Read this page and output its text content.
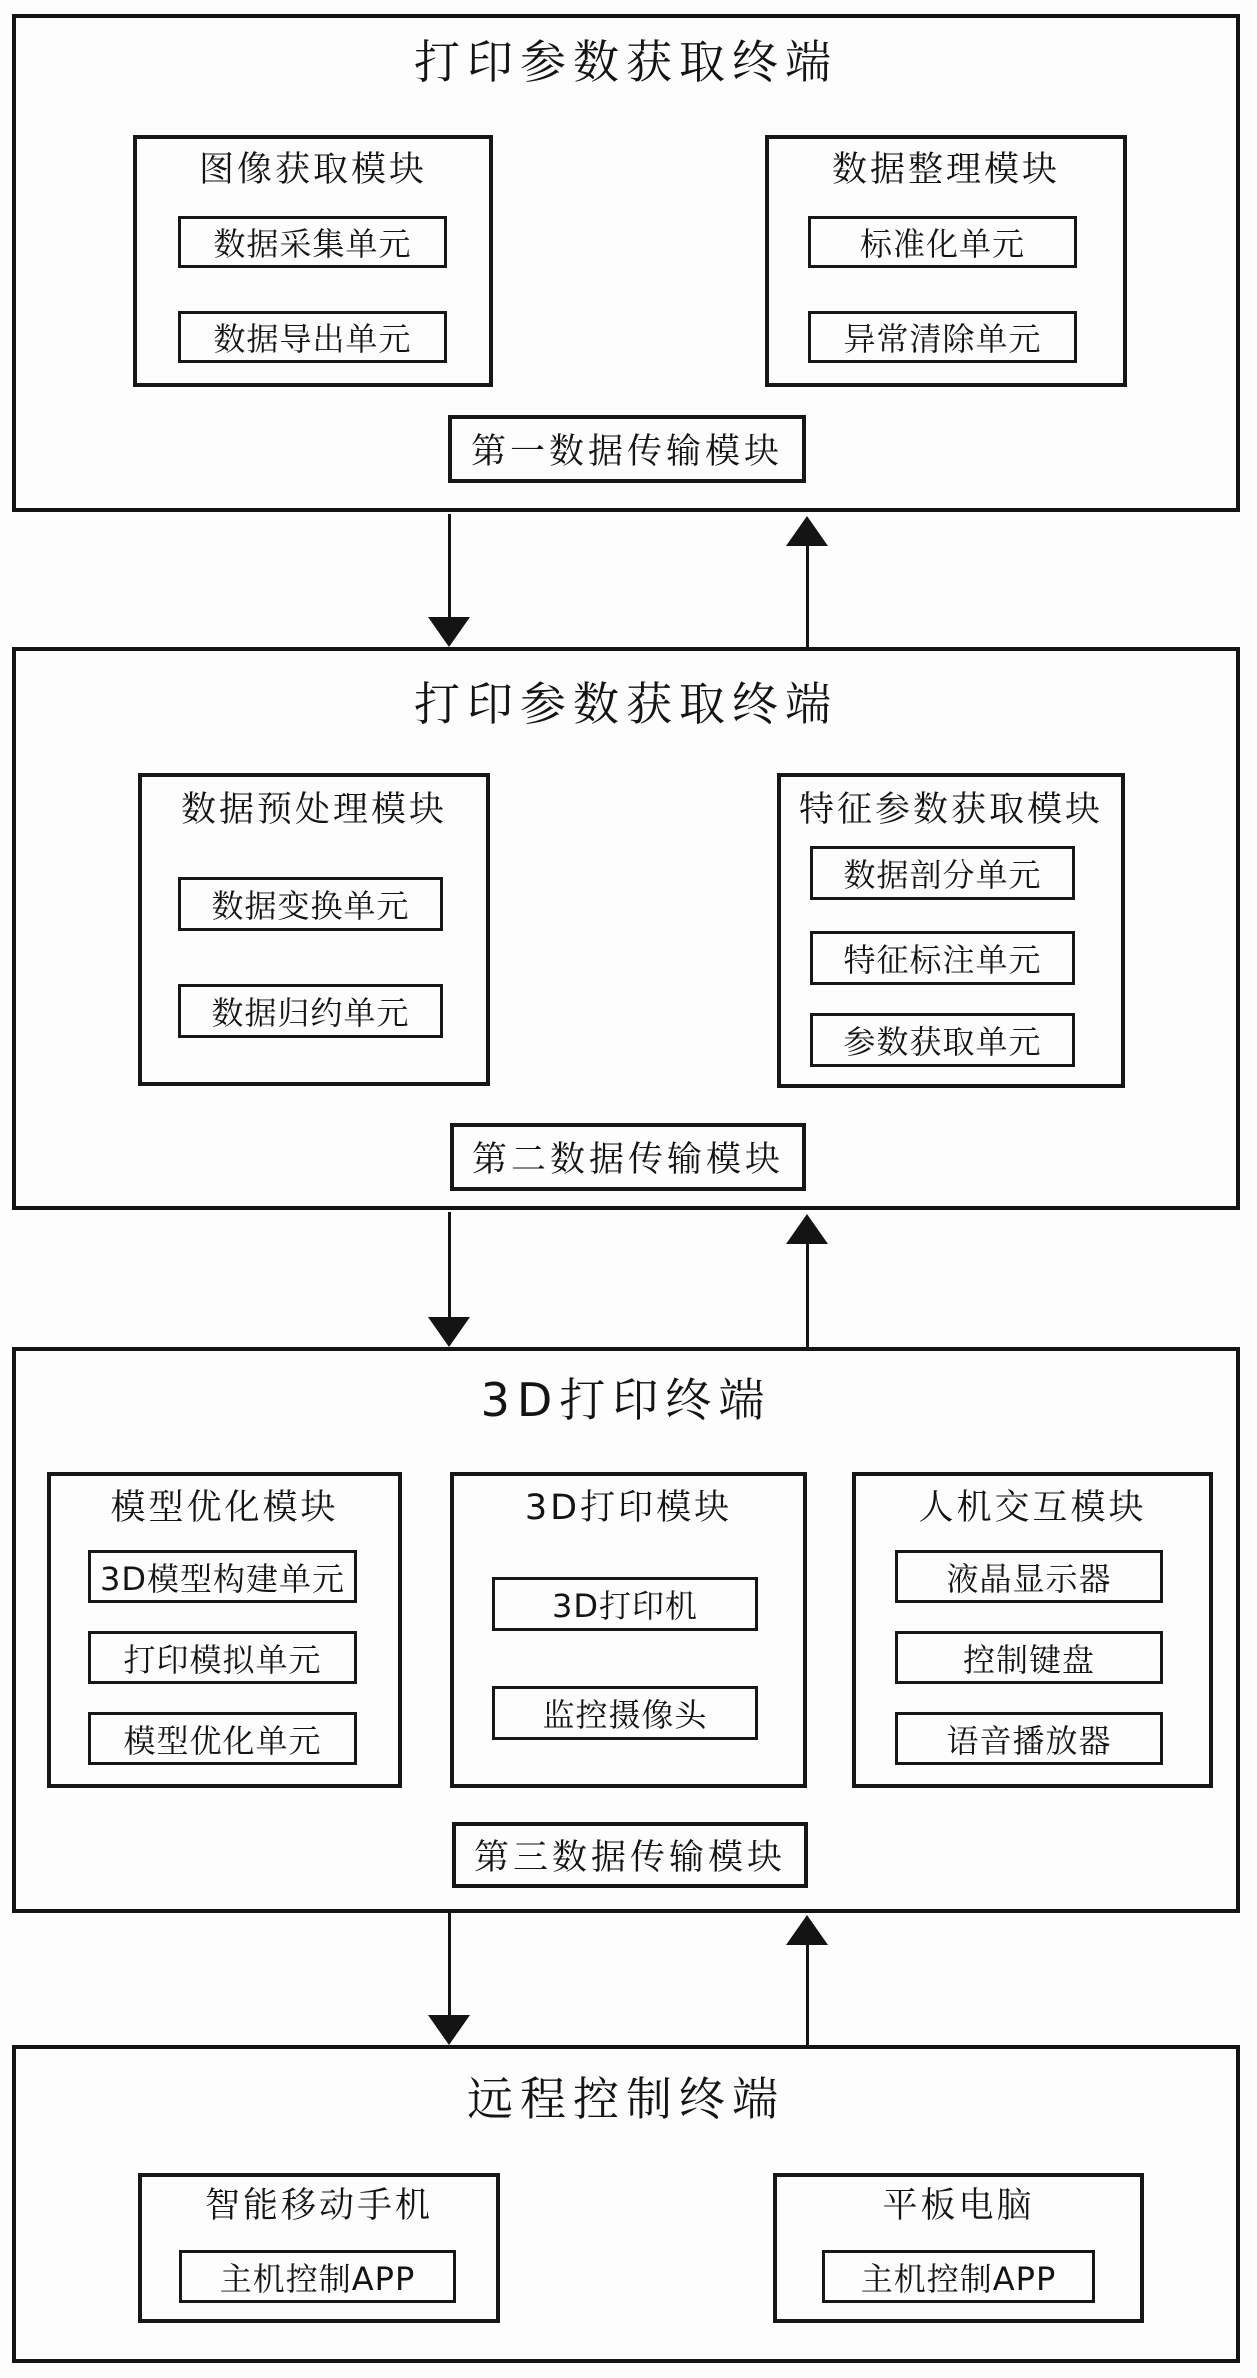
打印参数获取终端
图像获取模块
数据采集单元
数据导出单元
数据整理模块
标准化单元
异常清除单元
第一数据传输模块
打印参数获取终端
数据预处理模块
数据变换单元
数据归约单元
特征参数获取模块
数据剖分单元
特征标注单元
参数获取单元
第二数据传输模块
3D打印终端
模型优化模块
3D模型构建单元
打印模拟单元
模型优化单元
3D打印模块
3D打印机
监控摄像头
人机交互模块
液晶显示器
控制键盘
语音播放器
第三数据传输模块
远程控制终端
智能移动手机
主机控制APP
平板电脑
主机控制APP
